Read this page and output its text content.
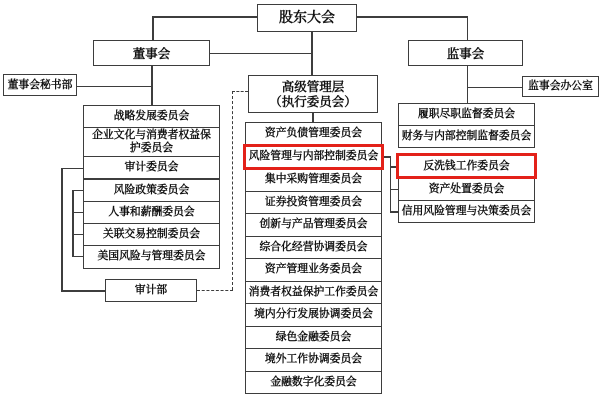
股东大会
董事会	监事会
董事会秘书部	监事会办公室
高级管理层
（执行委员会）
战略发展委员会
企业文化与消费者权益保护委员会
审计委员会
风险政策委员会
人事和薪酬委员会
关联交易控制委员会
美国风险与管理委员会
审计部
资产负债管理委员会
风险管理与内部控制委员会
集中采购管理委员会
证券投资管理委员会
创新与产品管理委员会
综合化经营协调委员会
资产管理业务委员会
消费者权益保护工作委员会
境内分行发展协调委员会
绿色金融委员会
境外工作协调委员会
金融数字化委员会
履职尽职监督委员会
财务与内部控制监督委员会
反洗钱工作委员会
资产处置委员会
信用风险管理与决策委员会
